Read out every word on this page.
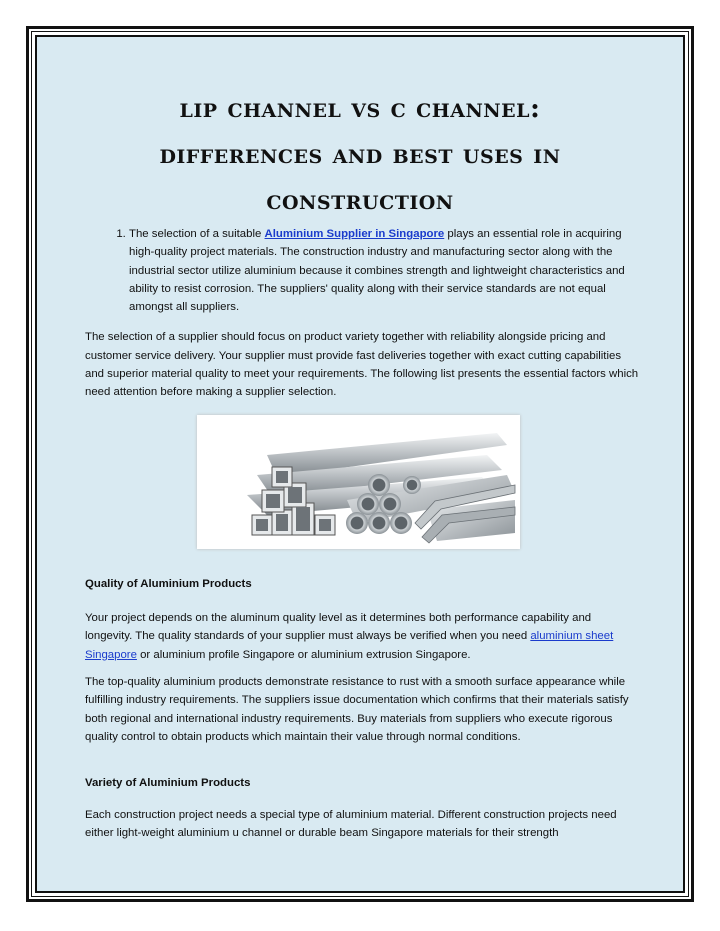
lip channel vs c channel:
differences and best uses in
construction
1. The selection of a suitable Aluminium Supplier in Singapore plays an essential role in acquiring high-quality project materials. The construction industry and manufacturing sector along with the industrial sector utilize aluminium because it combines strength and lightweight characteristics and ability to resist corrosion. The suppliers' quality along with their service standards are not equal amongst all suppliers.

The selection of a supplier should focus on product variety together with reliability alongside pricing and customer service delivery. Your supplier must provide fast deliveries together with exact cutting capabilities and superior material quality to meet your requirements. The following list presents the essential factors which need attention before making a supplier selection.

Quality of Aluminium Products

Your project depends on the aluminum quality level as it determines both performance capability and longevity. The quality standards of your supplier must always be verified when you need aluminium sheet Singapore or aluminium profile Singapore or aluminium extrusion Singapore.

The top-quality aluminium products demonstrate resistance to rust with a smooth surface appearance while fulfilling industry requirements. The suppliers issue documentation which confirms that their materials satisfy both regional and international industry requirements. Buy materials from suppliers who execute rigorous quality control to obtain products which maintain their value through normal conditions.

Variety of Aluminium Products

Each construction project needs a special type of aluminium material. Different construction projects need either light-weight aluminium u channel or durable beam Singapore materials for their strength
